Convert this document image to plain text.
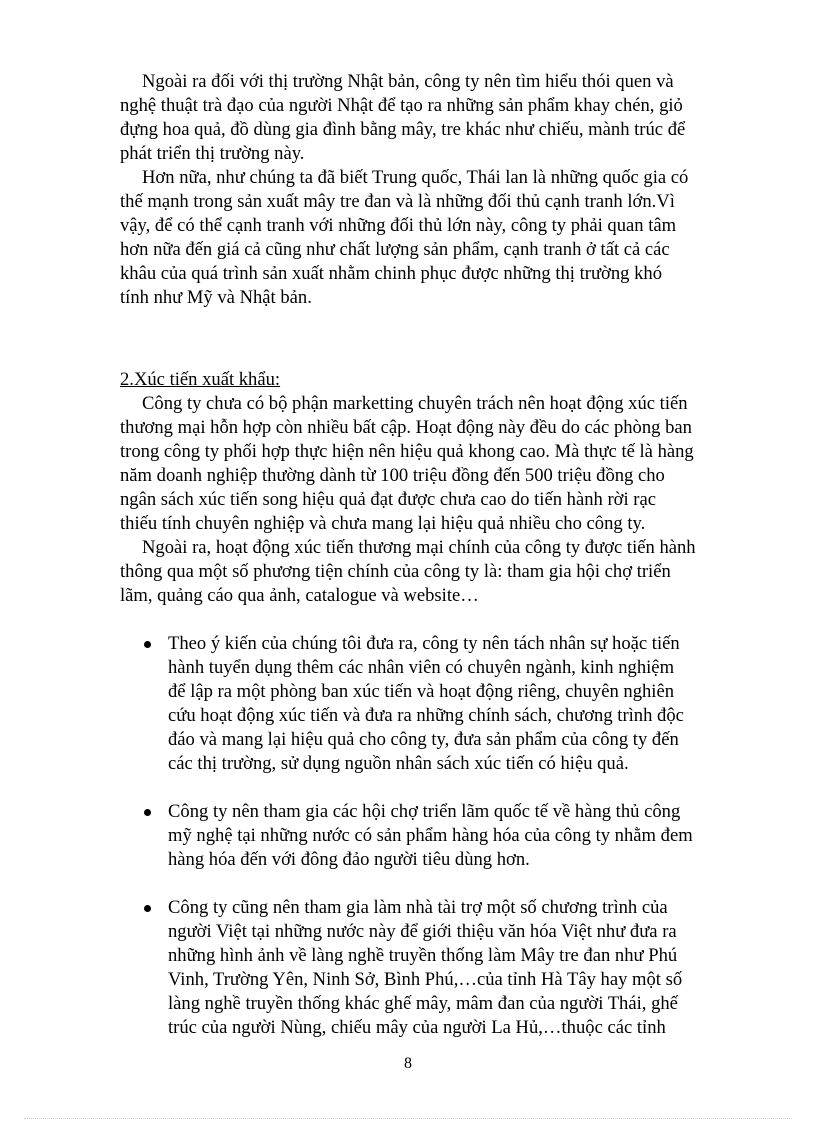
Ngoài ra đối với thị trường Nhật bản, công ty nên tìm hiểu thói quen và
nghệ thuật trà đạo của người Nhật để tạo ra những sản phẩm khay chén, giỏ
đựng hoa quả, đồ dùng gia đình bằng mây, tre khác như chiếu, mành trúc để
phát triển thị trường này.
Hơn nữa, như chúng ta đã biết Trung quốc, Thái lan là những quốc gia có
thế mạnh trong sản xuất mây tre đan và là những đối thủ cạnh tranh lớn.Vì
vậy, để có thể cạnh tranh với những đối thủ lớn này, công ty phải quan tâm
hơn nữa đến giá cả cũng như chất lượng sản phẩm, cạnh tranh ở tất cả các
khâu của quá trình sản xuất nhằm chinh phục được những thị trường khó
tính như Mỹ và Nhật bản.
2.Xúc tiến xuất khẩu:
Công ty chưa có bộ phận marketting chuyên trách nên hoạt động xúc tiến
thương mại hỗn hợp còn nhiều bất cập. Hoạt động này đều do các phòng ban
trong công ty phối hợp thực hiện nên hiệu quả khong cao. Mà thực tế là hàng
năm doanh nghiệp thường dành từ 100 triệu đồng đến 500 triệu đồng cho
ngân sách xúc tiến song hiệu quả đạt được chưa cao do tiến hành rời rạc
thiếu tính chuyên nghiệp và chưa mang lại hiệu quả nhiều cho công ty.
Ngoài ra, hoạt động xúc tiến thương mại chính của công ty được tiến hành
thông qua một số phương tiện chính của công ty là: tham gia hội chợ triển
lãm, quảng cáo qua ảnh, catalogue và website…
Theo ý kiến của chúng tôi đưa ra, công ty nên tách nhân sự hoặc tiến
hành tuyển dụng thêm các nhân viên có chuyên ngành, kinh nghiệm
để lập ra một phòng ban xúc tiến và hoạt động riêng, chuyên nghiên
cứu hoạt động xúc tiến và đưa ra những chính sách, chương trình độc
đáo và mang lại hiệu quả cho công ty, đưa sản phẩm của công ty đến
các thị trường, sử dụng nguồn nhân sách xúc tiến có hiệu quả.
Công ty nên tham gia các hội chợ triển lãm quốc tế về hàng thủ công
mỹ nghệ tại những nước có sản phẩm hàng hóa của công ty nhằm đem
hàng hóa đến với đông đảo người tiêu dùng hơn.
Công ty cũng nên tham gia làm nhà tài trợ một số chương trình của
người Việt tại những nước này để giới thiệu văn hóa Việt như đưa ra
những hình ảnh về làng nghề truyền thống làm Mây tre đan như Phú
Vinh, Trường Yên, Ninh Sở, Bình Phú,…của tỉnh Hà Tây hay một số
làng nghề truyền thống khác ghế mây, mâm đan của người Thái, ghế
trúc của người Nùng, chiếu mây của người La Hủ,…thuộc các tỉnh
8
